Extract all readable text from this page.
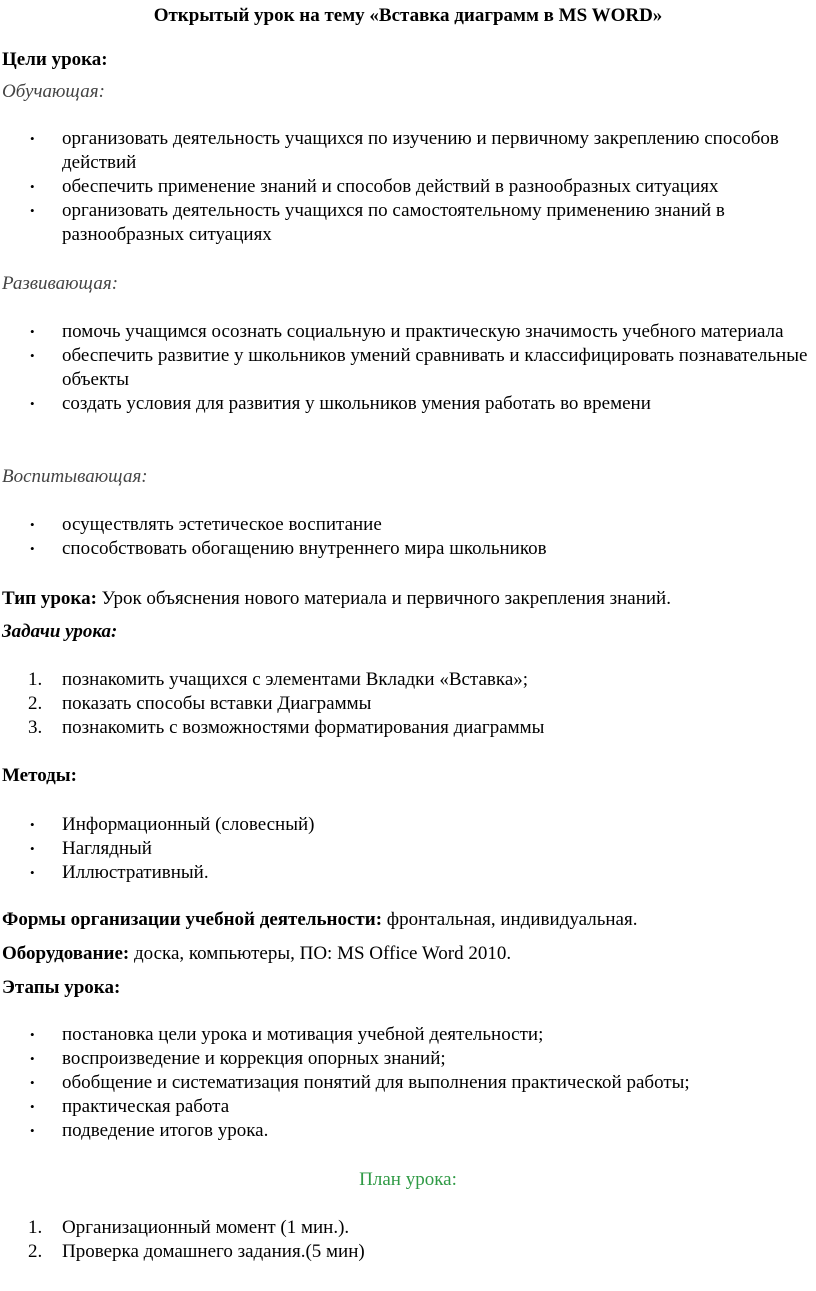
Открытый урок на тему «Вставка диаграмм в MS WORD»
Цели урока:
Обучающая:
• организовать деятельность учащихся по изучению и первичному закреплению способов действий
• обеспечить применение знаний и способов действий в разнообразных ситуациях
• организовать деятельность учащихся по самостоятельному применению знаний в разнообразных ситуациях
Развивающая:
• помочь учащимся осознать социальную и практическую значимость учебного материала
• обеспечить развитие у школьников умений сравнивать и классифицировать познавательные объекты
• создать условия для развития у школьников умения работать во времени
Воспитывающая:
• осуществлять эстетическое воспитание
• способствовать обогащению внутреннего мира школьников
Тип урока: Урок объяснения нового материала и первичного закрепления знаний.
Задачи урока:
1. познакомить учащихся с элементами Вкладки «Вставка»;
2. показать способы вставки Диаграммы
3. познакомить с возможностями форматирования диаграммы
Методы:
• Информационный (словесный)
• Наглядный
• Иллюстративный.
Формы организации учебной деятельности: фронтальная, индивидуальная.
Оборудование: доска, компьютеры, ПО: MS Office Word 2010.
Этапы урока:
• постановка цели урока и мотивация учебной деятельности;
• воспроизведение и коррекция опорных знаний;
• обобщение и систематизация понятий для выполнения практической работы;
• практическая работа
• подведение итогов урока.
План урока:
1. Организационный момент (1 мин.).
2. Проверка домашнего задания.(5 мин)
